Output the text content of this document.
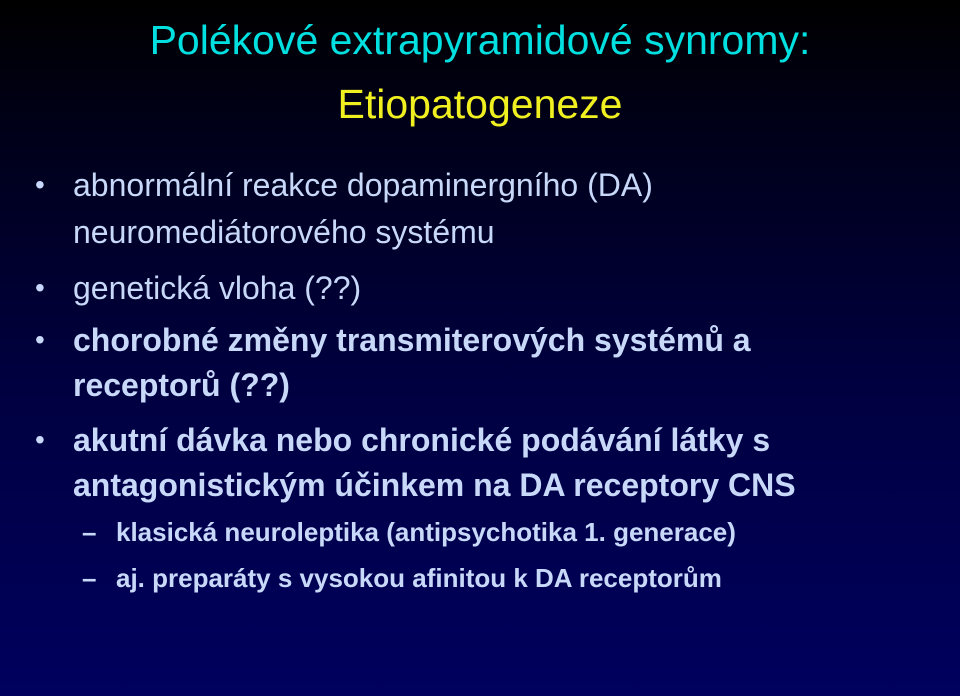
Polékové extrapyramidové synromy:
Etiopatogeneze
• abnormální reakce dopaminergního (DA)
neuromediátorového systému
• genetická vloha (??)
• chorobné změny transmiterových systémů a
receptorů (??)
• akutní dávka nebo chronické podávání látky s
antagonistickým účinkem na DA receptory CNS
– klasická neuroleptika (antipsychotika 1. generace)
– aj. preparáty s vysokou afinitou k DA receptorům
